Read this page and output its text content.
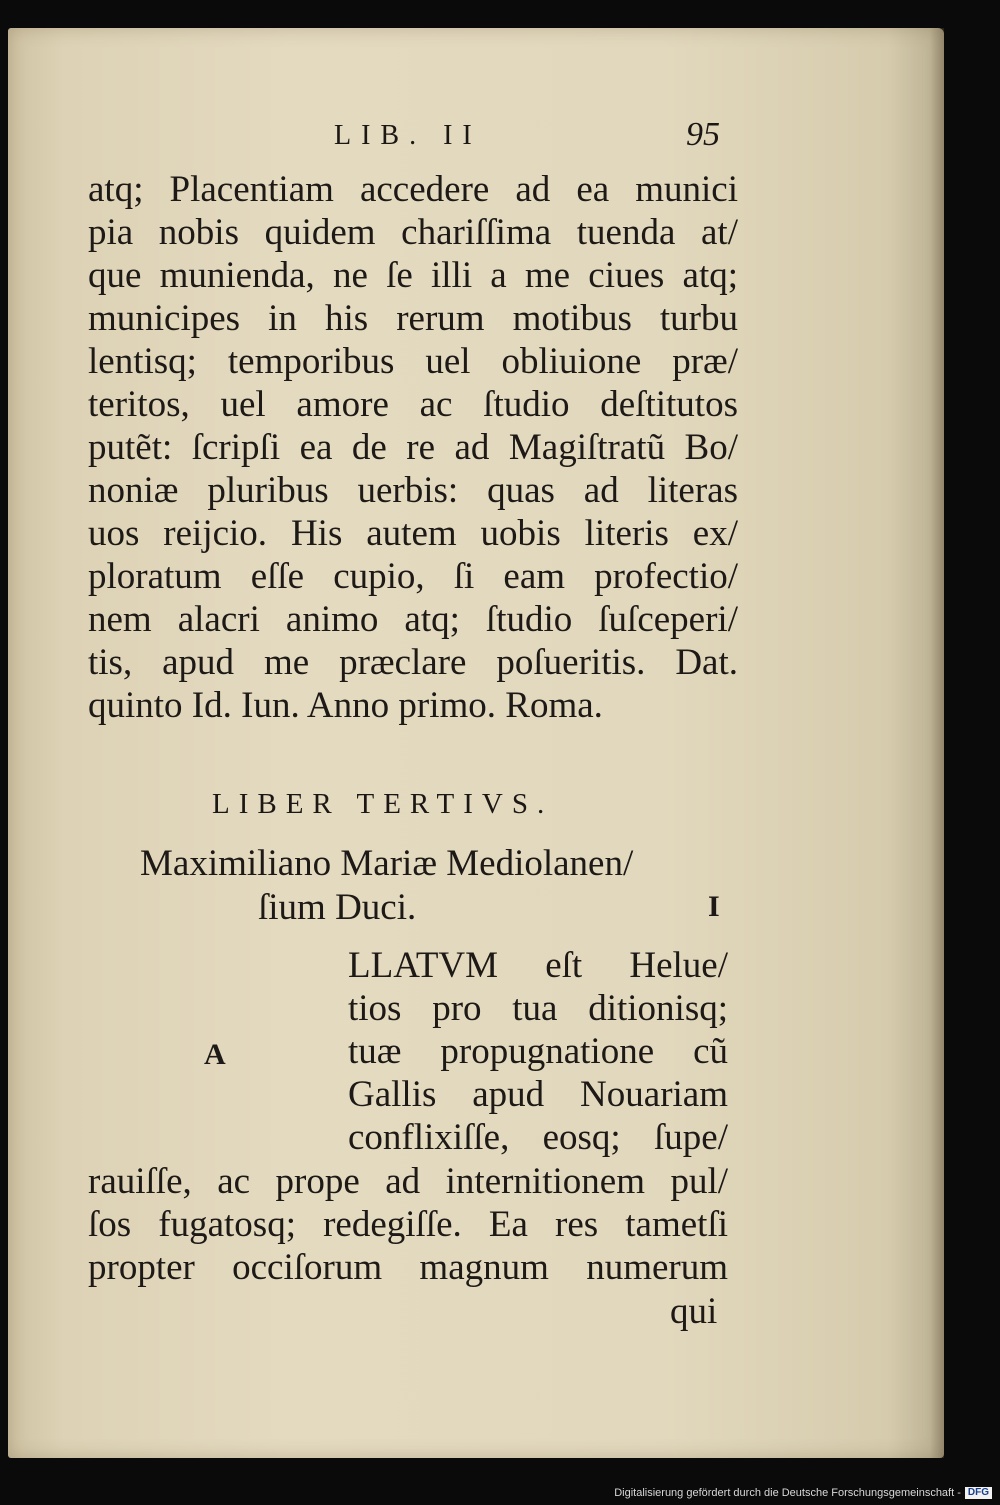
LIB. II	95
atq; Placentiam accedere ad ea munici
pia nobis quidem chariſſima tuenda at/
que munienda, ne ſe illi a me ciues atq;
municipes in his rerum motibus turbu
lentisq; temporibus uel obliuione præ/
teritos, uel amore ac ſtudio deſtitutos
putẽt: ſcripſi ea de re ad Magiſtratũ Bo/
noniæ pluribus uerbis: quas ad literas
uos reijcio. His autem uobis literis ex/
ploratum eſſe cupio, ſi eam profectio/
nem alacri animo atq; ſtudio ſuſceperi/
tis, apud me præclare poſueritis. Dat.
quinto Id. Iun. Anno primo. Roma.
LIBER TERTIVS.
Maximiliano Mariæ Mediolanen/
ſium Duci.	I
A
LLATVM eſt Helue/
tios pro tua ditionisq;
tuæ propugnatione cũ
Gallis apud Nouariam
conflixiſſe, eosq; ſupe/
rauiſſe, ac prope ad internitionem pul/
ſos fugatosq; redegiſſe. Ea res tametſi
propter occiſorum magnum numerum
qui
Digitalisierung gefördert durch die Deutsche Forschungsgemeinschaft - DFG
